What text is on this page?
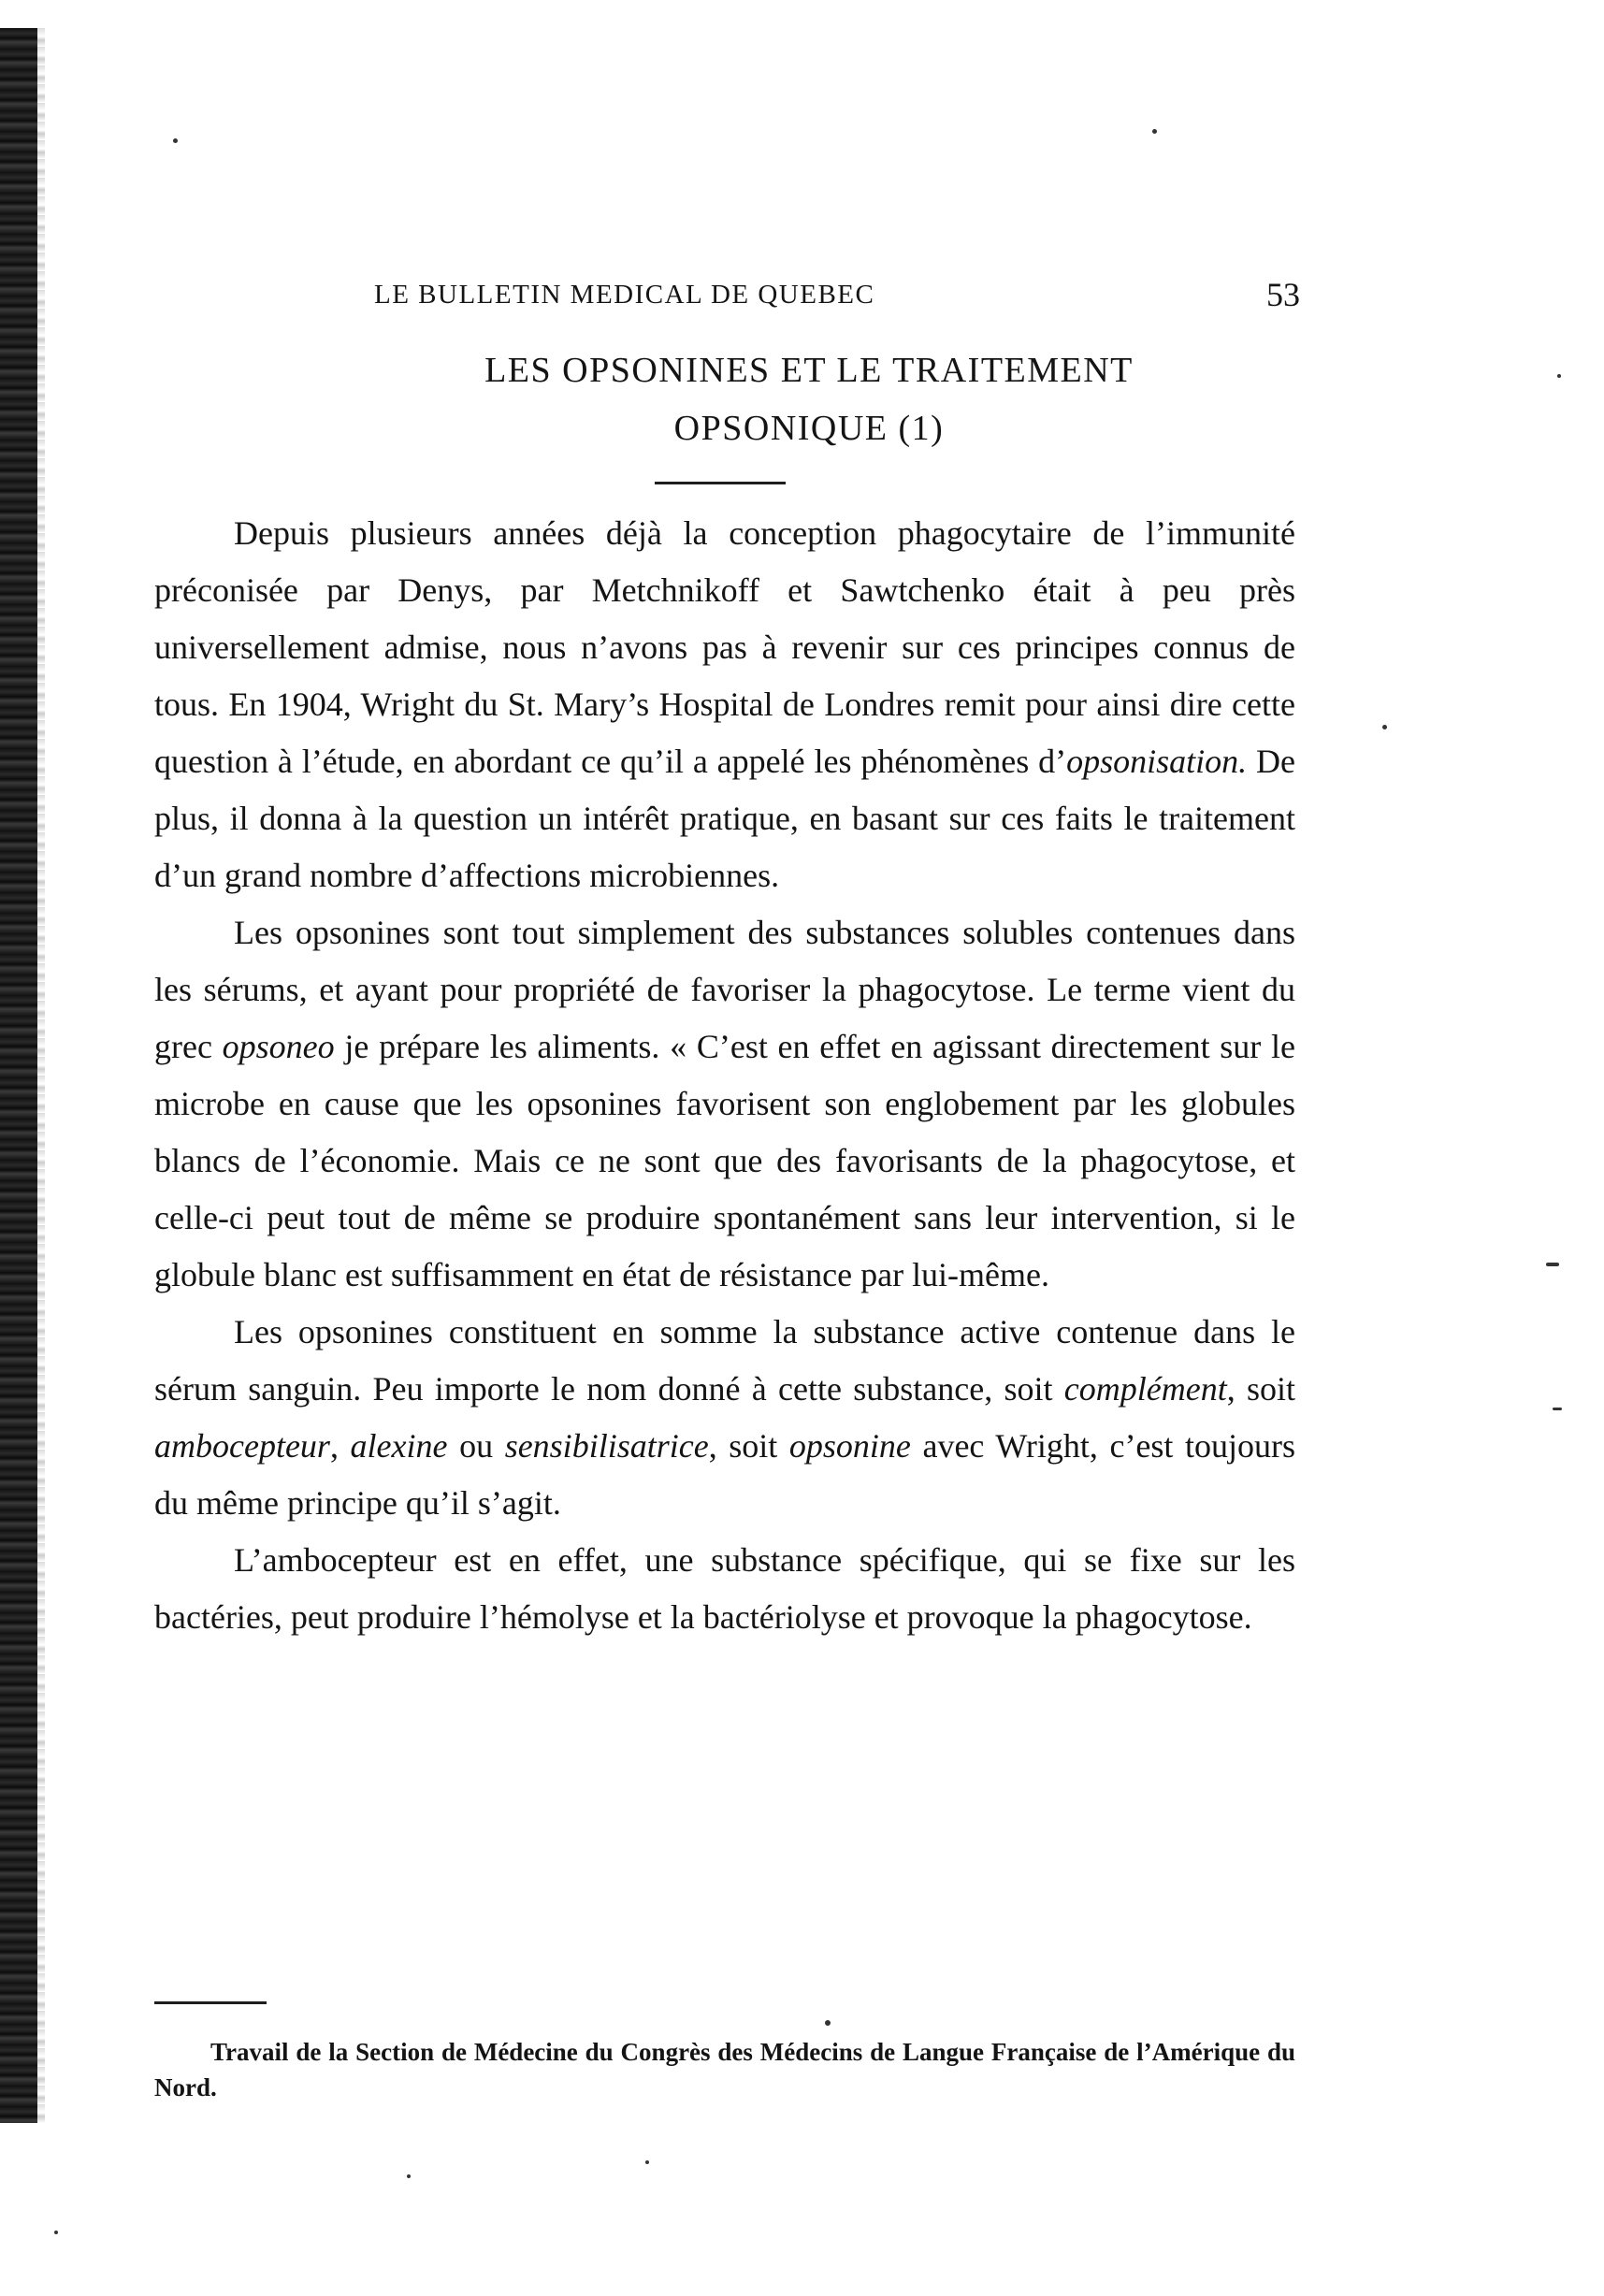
LE BULLETIN MEDICAL DE QUEBEC	53
LES OPSONINES ET LE TRAITEMENT
OPSONIQUE (1)

Depuis plusieurs années déjà la conception phagocytaire de l’immunité préconisée par Denys, par Metchnikoff et Sawtchenko était à peu près universellement admise, nous n’avons pas à revenir sur ces principes connus de tous. En 1904, Wright du St. Mary’s Hospital de Londres remit pour ainsi dire cette question à l’étude, en abordant ce qu’il a appelé les phénomènes d’opsonisation. De plus, il donna à la question un intérêt pratique, en basant sur ces faits le traitement d’un grand nombre d’affections microbiennes.

Les opsonines sont tout simplement des substances solubles contenues dans les sérums, et ayant pour propriété de favoriser la phagocytose. Le terme vient du grec opsoneo je prépare les aliments. « C’est en effet en agissant directement sur le microbe en cause que les opsonines favorisent son englobement par les globules blancs de l’économie. Mais ce ne sont que des favorisants de la phagocytose, et celle-ci peut tout de même se produire spontanément sans leur intervention, si le globule blanc est suffisamment en état de résistance par lui-même.

Les opsonines constituent en somme la substance active contenue dans le sérum sanguin. Peu importe le nom donné à cette substance, soit complément, soit ambocepteur, alexine ou sensibilisatrice, soit opsonine avec Wright, c’est toujours du même principe qu’il s’agit.

L’ambocepteur est en effet, une substance spécifique, qui se fixe sur les bactéries, peut produire l’hémolyse et la bactériolyse et provoque la phagocytose.

Travail de la Section de Médecine du Congrès des Médecins de Langue Française de l’Amérique du Nord.
